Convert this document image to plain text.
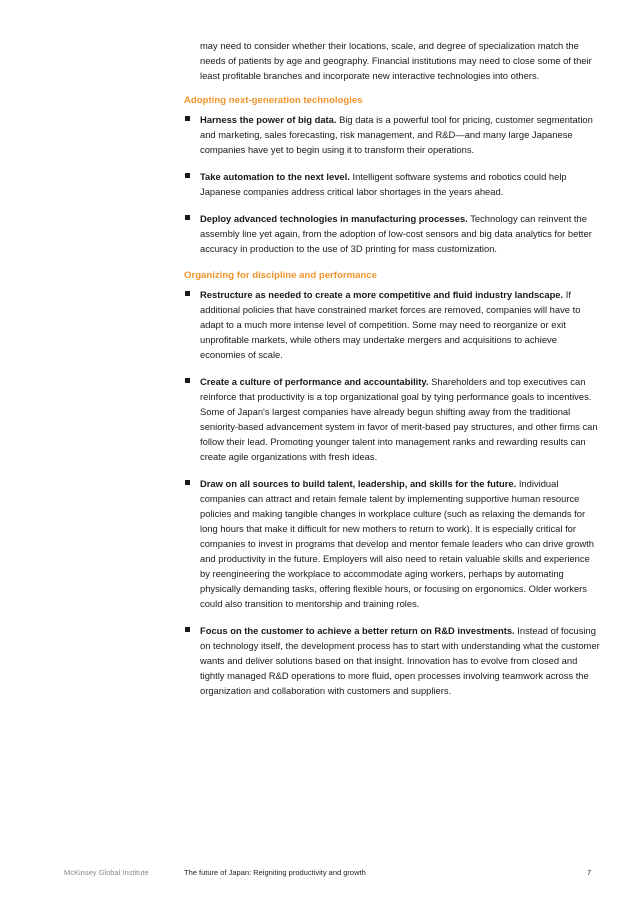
may need to consider whether their locations, scale, and degree of specialization match the needs of patients by age and geography. Financial institutions may need to close some of their least profitable branches and incorporate new interactive technologies into others.

Adopting next-generation technologies

Harness the power of big data. Big data is a powerful tool for pricing, customer segmentation and marketing, sales forecasting, risk management, and R&D—and many large Japanese companies have yet to begin using it to transform their operations.

Take automation to the next level. Intelligent software systems and robotics could help Japanese companies address critical labor shortages in the years ahead.

Deploy advanced technologies in manufacturing processes. Technology can reinvent the assembly line yet again, from the adoption of low-cost sensors and big data analytics for better accuracy in production to the use of 3D printing for mass customization.

Organizing for discipline and performance

Restructure as needed to create a more competitive and fluid industry landscape. If additional policies that have constrained market forces are removed, companies will have to adapt to a much more intense level of competition. Some may need to reorganize or exit unprofitable markets, while others may undertake mergers and acquisitions to achieve economies of scale.

Create a culture of performance and accountability. Shareholders and top executives can reinforce that productivity is a top organizational goal by tying performance goals to incentives. Some of Japan's largest companies have already begun shifting away from the traditional seniority-based advancement system in favor of merit-based pay structures, and other firms can follow their lead. Promoting younger talent into management ranks and rewarding results can create agile organizations with fresh ideas.

Draw on all sources to build talent, leadership, and skills for the future. Individual companies can attract and retain female talent by implementing supportive human resource policies and making tangible changes in workplace culture (such as relaxing the demands for long hours that make it difficult for new mothers to return to work). It is especially critical for companies to invest in programs that develop and mentor female leaders who can drive growth and productivity in the future. Employers will also need to retain valuable skills and experience by reengineering the workplace to accommodate aging workers, perhaps by automating physically demanding tasks, offering flexible hours, or focusing on ergonomics. Older workers could also transition to mentorship and training roles.

Focus on the customer to achieve a better return on R&D investments. Instead of focusing on technology itself, the development process has to start with understanding what the customer wants and deliver solutions based on that insight. Innovation has to evolve from closed and tightly managed R&D operations to more fluid, open processes involving teamwork across the organization and collaboration with customers and suppliers.

McKinsey Global Institute	The future of Japan: Reigniting productivity and growth	7
